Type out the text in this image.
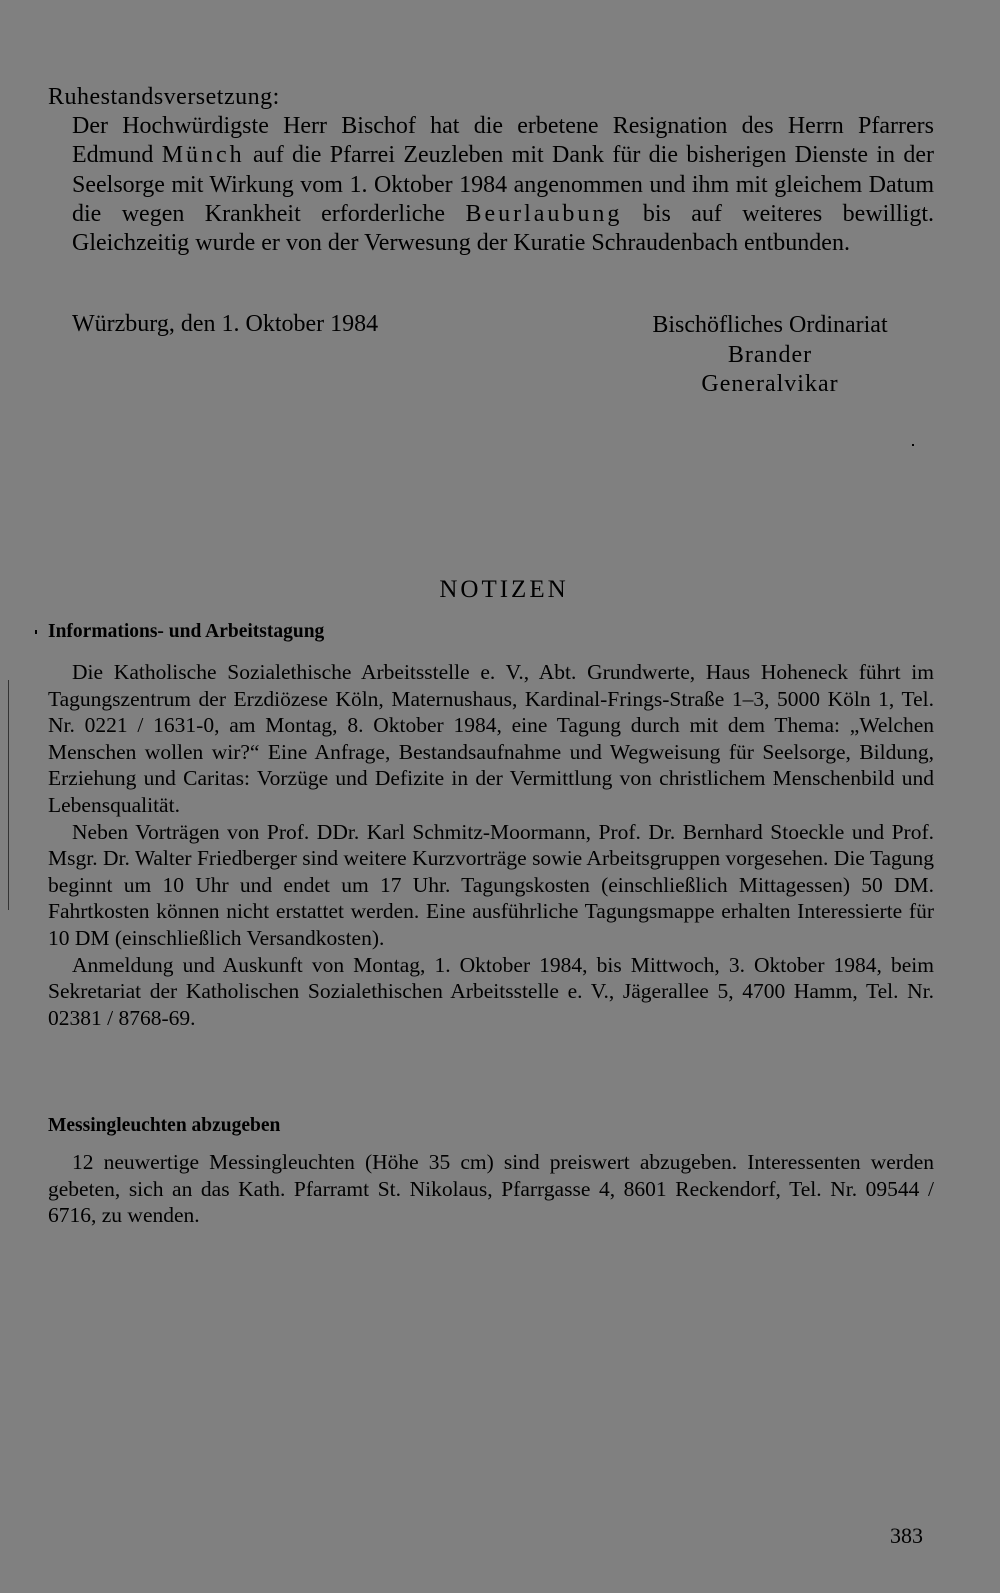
Ruhestandsversetzung:

Der Hochwürdigste Herr Bischof hat die erbetene Resignation des Herrn Pfarrers Edmund Münch auf die Pfarrei Zeuzleben mit Dank für die bisherigen Dienste in der Seelsorge mit Wirkung vom 1. Oktober 1984 angenommen und ihm mit gleichem Datum die wegen Krankheit erforderliche Beurlaubung bis auf weiteres bewilligt. Gleichzeitig wurde er von der Verwesung der Kuratie Schraudenbach entbunden.

Würzburg, den 1. Oktober 1984	Bischöfliches Ordinariat
Brander
Generalvikar
NOTIZEN
Informations- und Arbeitstagung

Die Katholische Sozialethische Arbeitsstelle e. V., Abt. Grundwerte, Haus Hoheneck führt im Tagungszentrum der Erzdiözese Köln, Maternushaus, Kardinal-Frings-Straße 1–3, 5000 Köln 1, Tel. Nr. 0221 / 1631-0, am Montag, 8. Oktober 1984, eine Tagung durch mit dem Thema: „Welchen Menschen wollen wir?“ Eine Anfrage, Bestandsaufnahme und Wegweisung für Seelsorge, Bildung, Erziehung und Caritas: Vorzüge und Defizite in der Vermittlung von christlichem Menschenbild und Lebensqualität.

Neben Vorträgen von Prof. DDr. Karl Schmitz-Moormann, Prof. Dr. Bernhard Stoeckle und Prof. Msgr. Dr. Walter Friedberger sind weitere Kurzvorträge sowie Arbeitsgruppen vorgesehen. Die Tagung beginnt um 10 Uhr und endet um 17 Uhr. Tagungskosten (einschließlich Mittagessen) 50 DM. Fahrtkosten können nicht erstattet werden. Eine ausführliche Tagungsmappe erhalten Interessierte für 10 DM (einschließlich Versandkosten).

Anmeldung und Auskunft von Montag, 1. Oktober 1984, bis Mittwoch, 3. Oktober 1984, beim Sekretariat der Katholischen Sozialethischen Arbeitsstelle e. V., Jägerallee 5, 4700 Hamm, Tel. Nr. 02381 / 8768-69.

Messingleuchten abzugeben

12 neuwertige Messingleuchten (Höhe 35 cm) sind preiswert abzugeben. Interessenten werden gebeten, sich an das Kath. Pfarramt St. Nikolaus, Pfarrgasse 4, 8601 Reckendorf, Tel. Nr. 09544 / 6716, zu wenden.

383
